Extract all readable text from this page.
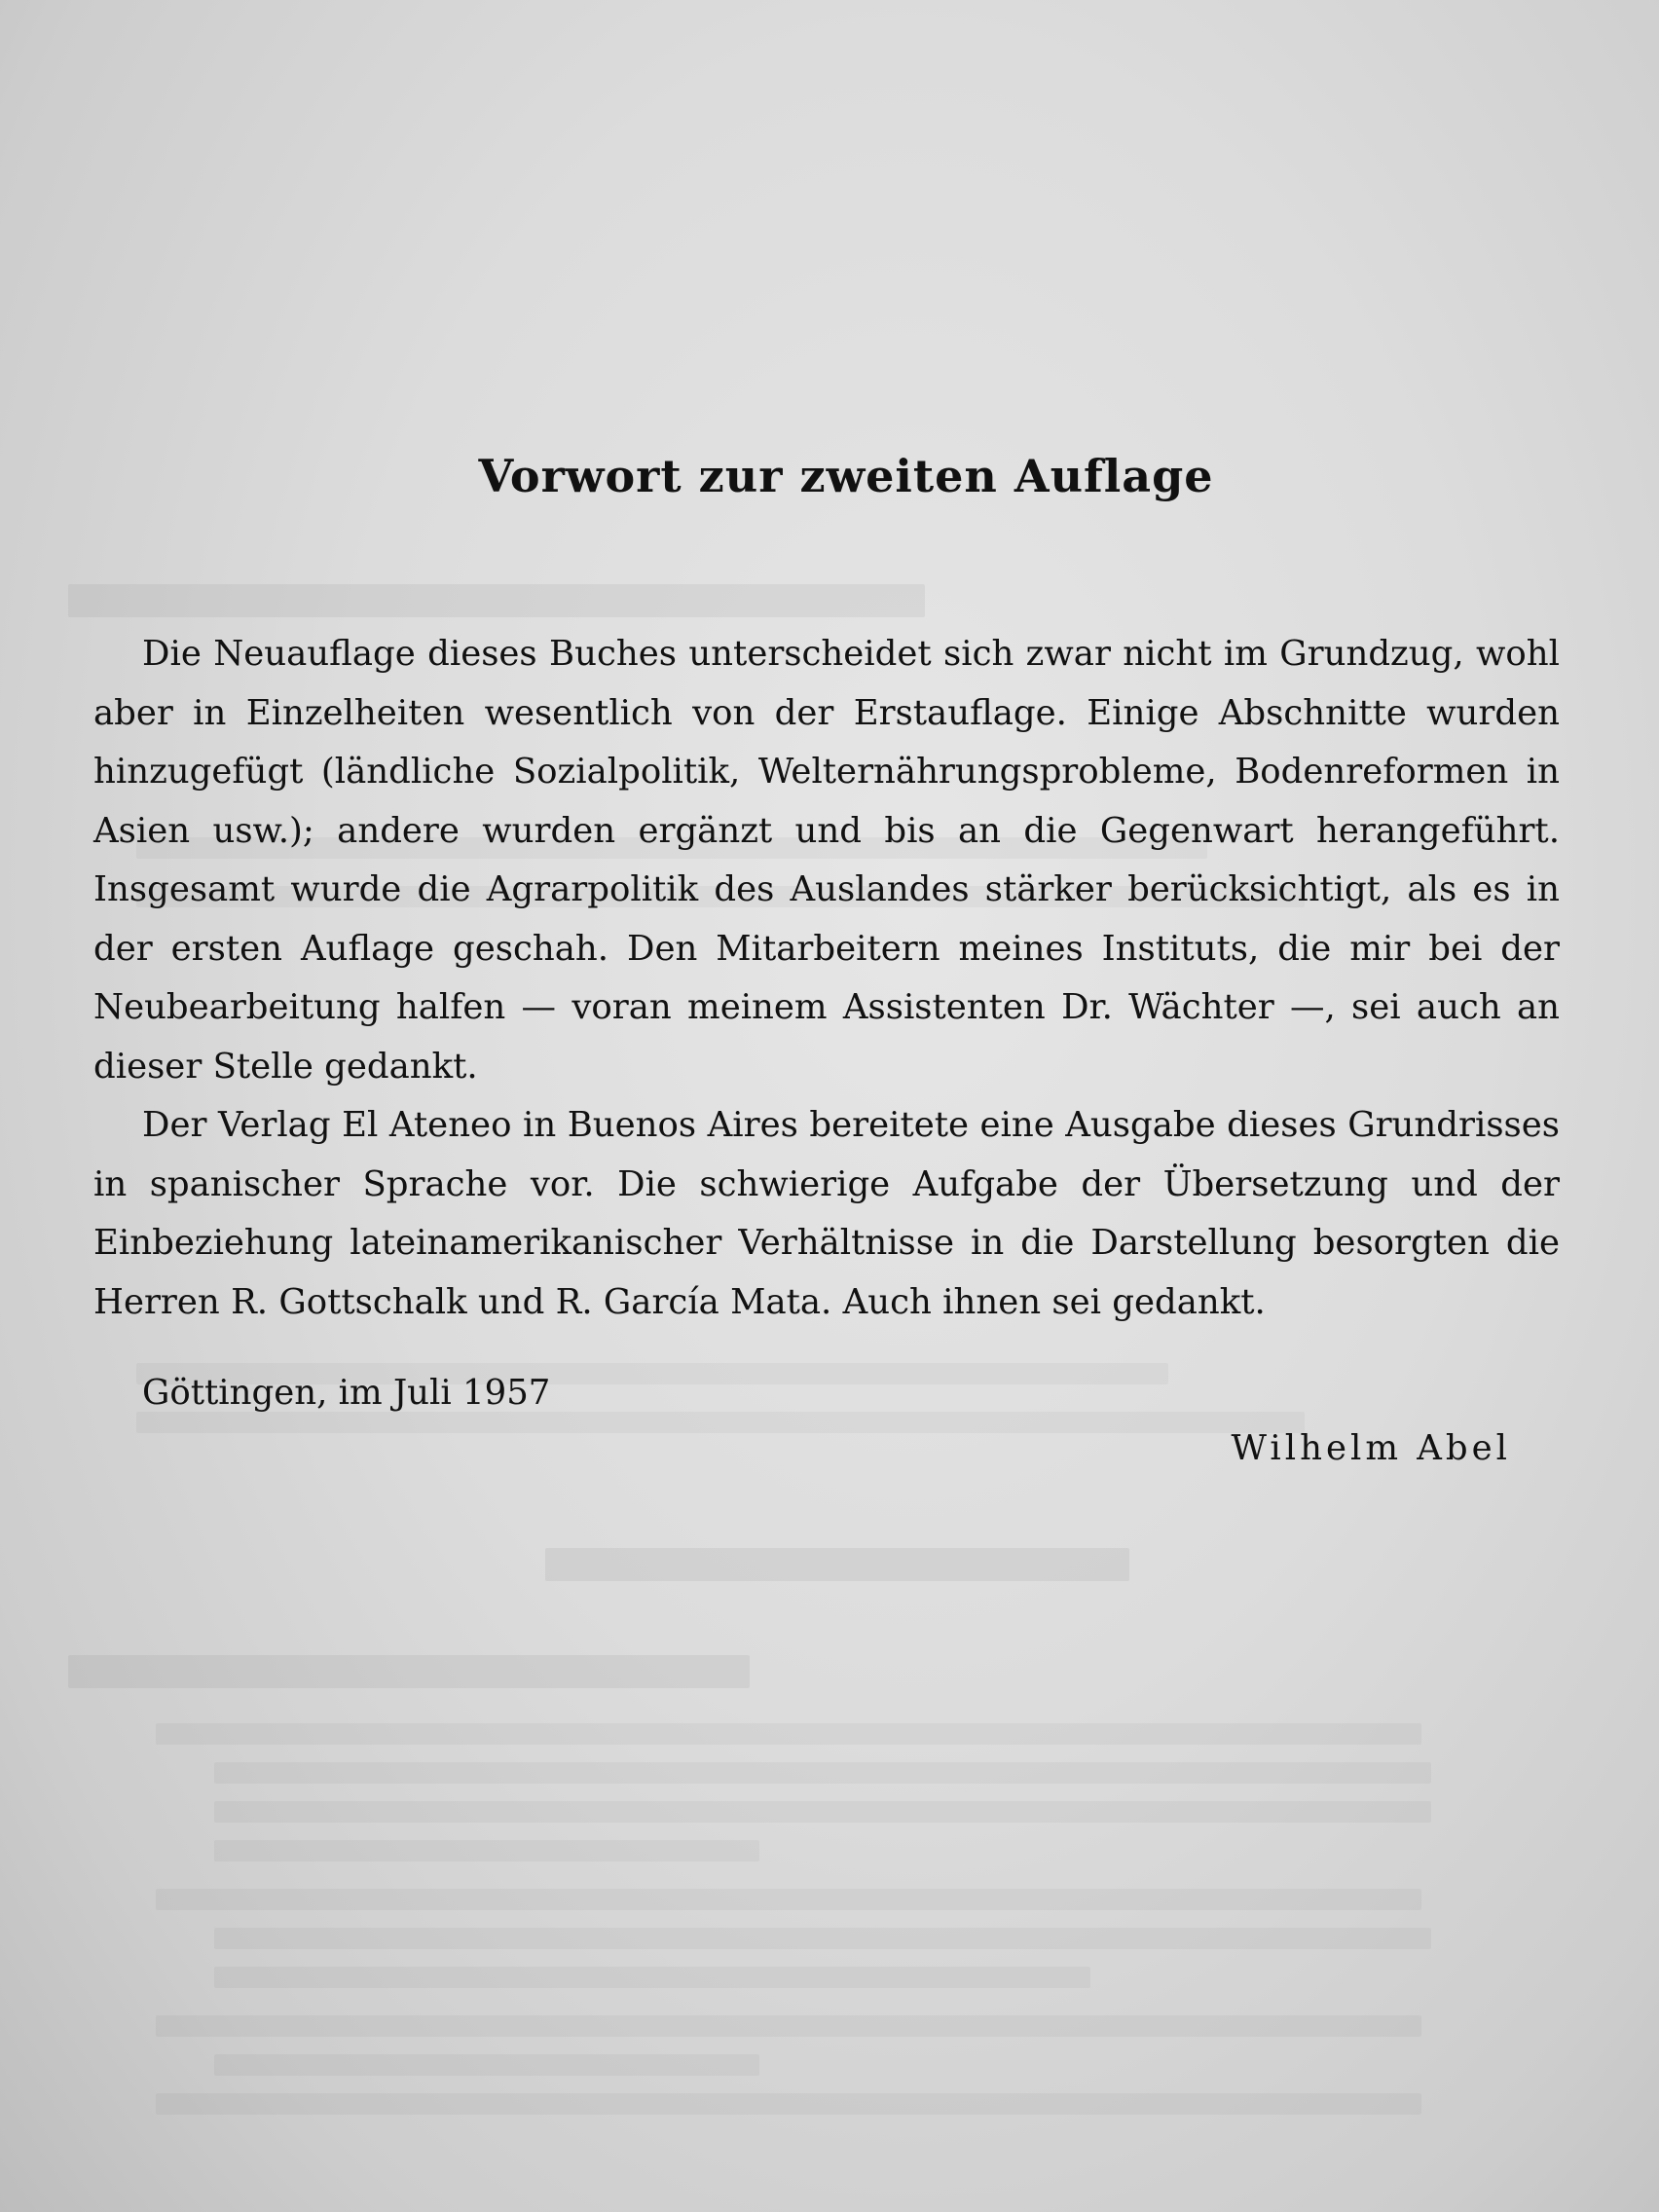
Vorwort zur zweiten Auflage

Die Neuauflage dieses Buches unterscheidet sich zwar nicht im Grundzug, wohl aber in Einzelheiten wesentlich von der Erstauflage. Einige Abschnitte wurden hinzugefügt (ländliche Sozialpolitik, Welternährungsprobleme, Bodenreformen in Asien usw.); andere wurden ergänzt und bis an die Gegenwart herangeführt. Insgesamt wurde die Agrarpolitik des Auslandes stärker berücksichtigt, als es in der ersten Auflage geschah. Den Mitarbeitern meines Instituts, die mir bei der Neubearbeitung halfen — voran meinem Assistenten Dr. Wächter —, sei auch an dieser Stelle gedankt.

Der Verlag El Ateneo in Buenos Aires bereitete eine Ausgabe dieses Grundrisses in spanischer Sprache vor. Die schwierige Aufgabe der Übersetzung und der Einbeziehung lateinamerikanischer Verhältnisse in die Darstellung besorgten die Herren R. Gottschalk und R. García Mata. Auch ihnen sei gedankt.

Göttingen, im Juli 1957
Wilhelm Abel
